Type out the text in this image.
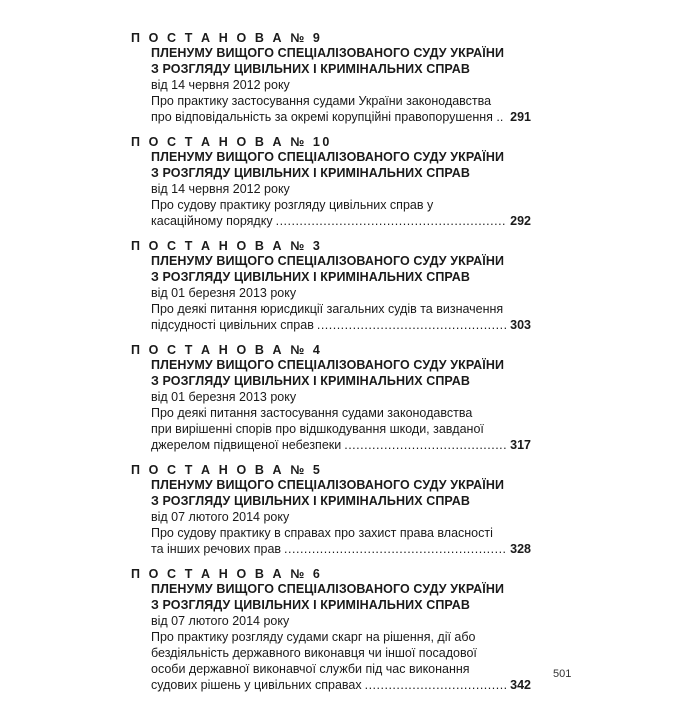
П О С Т А Н О В А № 9
ПЛЕНУМУ ВИЩОГО СПЕЦІАЛІЗОВАНОГО СУДУ УКРАЇНИ
З РОЗГЛЯДУ ЦИВІЛЬНИХ І КРИМІНАЛЬНИХ СПРАВ
від 14 червня 2012 року
Про практику застосування судами України законодавства
про відповідальність за окремі корупційні правопорушення .. ..... 291
П О С Т А Н О В А № 10
ПЛЕНУМУ ВИЩОГО СПЕЦІАЛІЗОВАНОГО СУДУ УКРАЇНИ
З РОЗГЛЯДУ ЦИВІЛЬНИХ І КРИМІНАЛЬНИХ СПРАВ
від 14 червня 2012 року
Про судову практику розгляду цивільних справ у
касаційному порядку .....	292
П О С Т А Н О В А № 3
ПЛЕНУМУ ВИЩОГО СПЕЦІАЛІЗОВАНОГО СУДУ УКРАЇНИ
З РОЗГЛЯДУ ЦИВІЛЬНИХ І КРИМІНАЛЬНИХ СПРАВ
від 01 березня 2013 року
Про деякі питання юрисдикції загальних судів та визначення
підсудності цивільних справ .....	303
П О С Т А Н О В А № 4
ПЛЕНУМУ ВИЩОГО СПЕЦІАЛІЗОВАНОГО СУДУ УКРАЇНИ
З РОЗГЛЯДУ ЦИВІЛЬНИХ І КРИМІНАЛЬНИХ СПРАВ
від 01 березня 2013 року
Про деякі питання застосування судами законодавства
при вирішенні спорів про відшкодування шкоди, завданої
джерелом підвищеної небезпеки .....	317
П О С Т А Н О В А № 5
ПЛЕНУМУ ВИЩОГО СПЕЦІАЛІЗОВАНОГО СУДУ УКРАЇНИ
З РОЗГЛЯДУ ЦИВІЛЬНИХ І КРИМІНАЛЬНИХ СПРАВ
від 07 лютого 2014 року
Про судову практику в справах про захист права власності
та інших речових прав .....	328
П О С Т А Н О В А № 6
ПЛЕНУМУ ВИЩОГО СПЕЦІАЛІЗОВАНОГО СУДУ УКРАЇНИ
З РОЗГЛЯДУ ЦИВІЛЬНИХ І КРИМІНАЛЬНИХ СПРАВ
від 07 лютого 2014 року
Про практику розгляду судами скарг на рішення, дії або
бездіяльність державного виконавця чи іншої посадової
особи державної виконавчої служби під час виконання
судових рішень у цивільних справах .....	342
501
